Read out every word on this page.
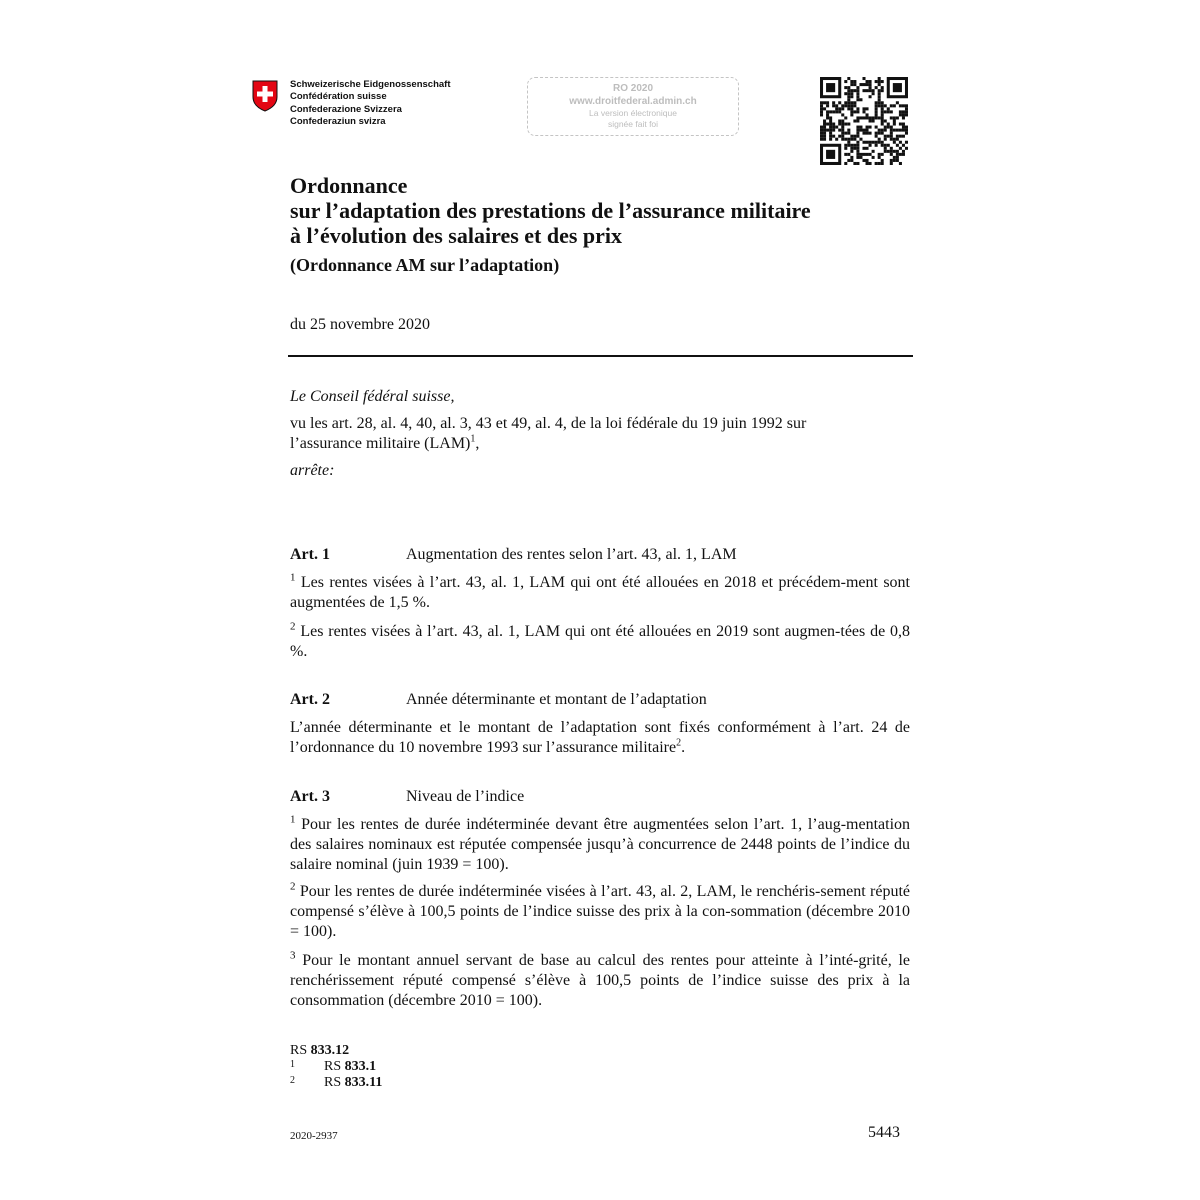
Schweizerische Eidgenossenschaft
Confédération suisse
Confederazione Svizzera
Confederaziun svizra
RO 2020
www.droitfederal.admin.ch
La version électronique
signée fait foi
Ordonnance
sur l’adaptation des prestations de l’assurance militaire
à l’évolution des salaires et des prix
(Ordonnance AM sur l’adaptation)
du 25 novembre 2020
Le Conseil fédéral suisse,
vu les art. 28, al. 4, 40, al. 3, 43 et 49, al. 4, de la loi fédérale du 19 juin 1992 sur
l’assurance militaire (LAM)$^1$,
arrête:
Art. 1	Augmentation des rentes selon l’art. 43, al. 1, LAM
$^1$ Les rentes visées à l’art. 43, al. 1, LAM qui ont été allouées en 2018 et précédem-ment sont augmentées de 1,5 %.
$^2$ Les rentes visées à l’art. 43, al. 1, LAM qui ont été allouées en 2019 sont augmen-tées de 0,8 %.
Art. 2	Année déterminante et montant de l’adaptation
L’année déterminante et le montant de l’adaptation sont fixés conformément à l’art. 24 de l’ordonnance du 10 novembre 1993 sur l’assurance militaire$^2$.
Art. 3	Niveau de l’indice
$^1$ Pour les rentes de durée indéterminée devant être augmentées selon l’art. 1, l’aug-mentation des salaires nominaux est réputée compensée jusqu’à concurrence de 2448 points de l’indice du salaire nominal (juin 1939 = 100).
$^2$ Pour les rentes de durée indéterminée visées à l’art. 43, al. 2, LAM, le renchéris-sement réputé compensé s’élève à 100,5 points de l’indice suisse des prix à la con-sommation (décembre 2010 = 100).
$^3$ Pour le montant annuel servant de base au calcul des rentes pour atteinte à l’inté-grité, le renchérissement réputé compensé s’élève à 100,5 points de l’indice suisse des prix à la consommation (décembre 2010 = 100).
RS 833.12
1 RS 833.1
2 RS 833.11
2020-2937	5443
